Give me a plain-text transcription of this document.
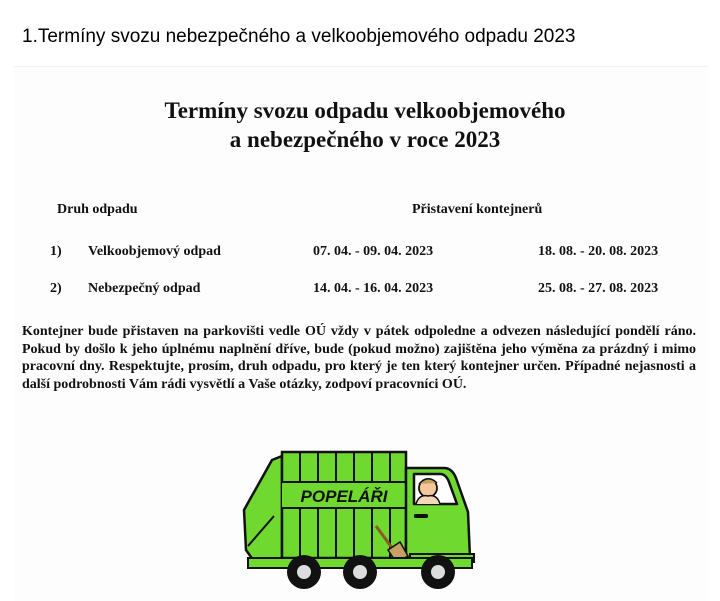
1.Termíny svozu nebezpečného a velkoobjemového odpadu 2023
Termíny svozu odpadu velkoobjemového
a nebezpečného v roce 2023
Druh odpadu	Přistavení kontejnerů
1) Velkoobjemový odpad	07. 04. - 09. 04. 2023	18. 08. - 20. 08. 2023
2) Nebezpečný odpad	14. 04. - 16. 04. 2023	25. 08. - 27. 08. 2023

Kontejner bude přistaven na parkovišti vedle OÚ vždy v pátek odpoledne a odvezen následující pondělí ráno. Pokud by došlo k jeho úplnému naplnění dříve, bude (pokud možno) zajištěna jeho výměna za prázdný i mimo pracovní dny. Respektujte, prosím, druh odpadu, pro který je ten který kontejner určen. Případné nejasnosti a další podrobnosti Vám rádi vysvětlí a Vaše otázky, zodpoví pracovníci OÚ.

POPELÁŘI
